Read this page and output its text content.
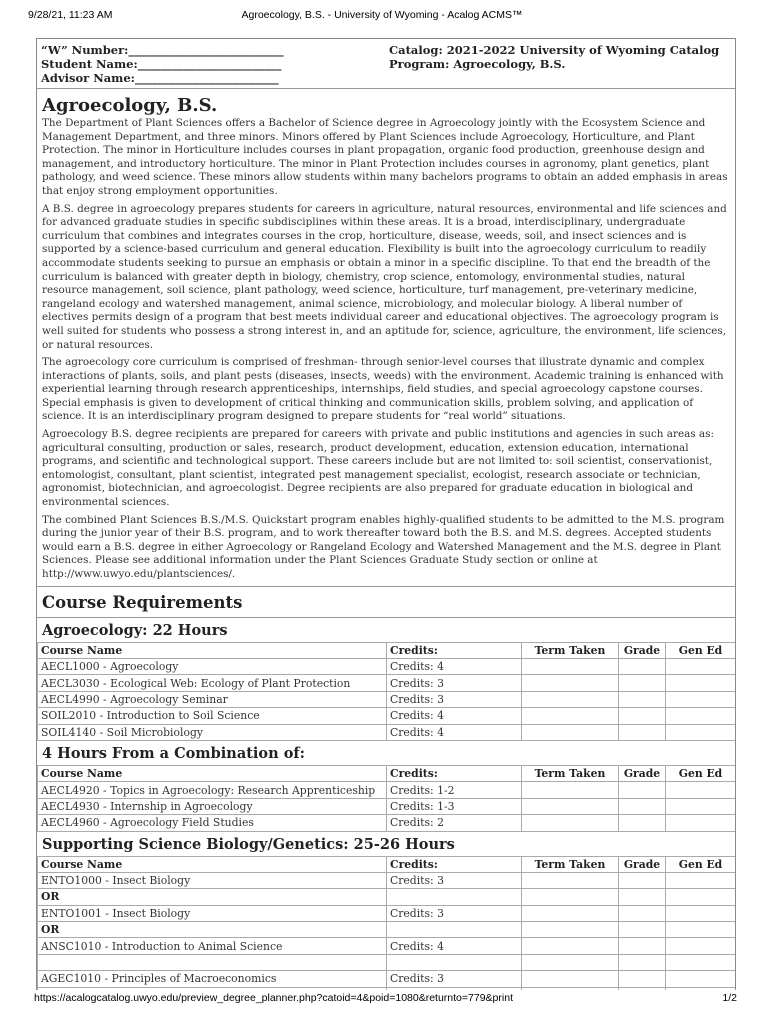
9/28/21, 11:23 AM	Agroecology, B.S. - University of Wyoming - Acalog ACMS™
“W” Number:___________________________
Student Name:_________________________
Advisor Name:_________________________
Catalog: 2021-2022 University of Wyoming Catalog
Program: Agroecology, B.S.
Agroecology, B.S.

The Department of Plant Sciences offers a Bachelor of Science degree in Agroecology jointly with the Ecosystem Science and Management Department, and three minors. Minors offered by Plant Sciences include Agroecology, Horticulture, and Plant Protection. The minor in Horticulture includes courses in plant propagation, organic food production, greenhouse design and management, and introductory horticulture. The minor in Plant Protection includes courses in agronomy, plant genetics, plant pathology, and weed science. These minors allow students within many bachelors programs to obtain an added emphasis in areas that enjoy strong employment opportunities.

A B.S. degree in agroecology prepares students for careers in agriculture, natural resources, environmental and life sciences and for advanced graduate studies in specific subdisciplines within these areas. It is a broad, interdisciplinary, undergraduate curriculum that combines and integrates courses in the crop, horticulture, disease, weeds, soil, and insect sciences and is supported by a science-based curriculum and general education. Flexibility is built into the agroecology curriculum to readily accommodate students seeking to pursue an emphasis or obtain a minor in a specific discipline. To that end the breadth of the curriculum is balanced with greater depth in biology, chemistry, crop science, entomology, environmental studies, natural resource management, soil science, plant pathology, weed science, horticulture, turf management, pre-veterinary medicine, rangeland ecology and watershed management, animal science, microbiology, and molecular biology. A liberal number of electives permits design of a program that best meets individual career and educational objectives. The agroecology program is well suited for students who possess a strong interest in, and an aptitude for, science, agriculture, the environment, life sciences, or natural resources.

The agroecology core curriculum is comprised of freshman- through senior-level courses that illustrate dynamic and complex interactions of plants, soils, and plant pests (diseases, insects, weeds) with the environment. Academic training is enhanced with experiential learning through research apprenticeships, internships, field studies, and special agroecology capstone courses. Special emphasis is given to development of critical thinking and communication skills, problem solving, and application of science. It is an interdisciplinary program designed to prepare students for “real world” situations.

Agroecology B.S. degree recipients are prepared for careers with private and public institutions and agencies in such areas as: agricultural consulting, production or sales, research, product development, education, extension education, international programs, and scientific and technological support. These careers include but are not limited to: soil scientist, conservationist, entomologist, consultant, plant scientist, integrated pest management specialist, ecologist, research associate or technician, agronomist, biotechnician, and agroecologist. Degree recipients are also prepared for graduate education in biological and environmental sciences.

The combined Plant Sciences B.S./M.S. Quickstart program enables highly-qualified students to be admitted to the M.S. program during the junior year of their B.S. program, and to work thereafter toward both the B.S. and M.S. degrees. Accepted students would earn a B.S. degree in either Agroecology or Rangeland Ecology and Watershed Management and the M.S. degree in Plant Sciences. Please see additional information under the Plant Sciences Graduate Study section or online at http://www.uwyo.edu/plantsciences/.

Course Requirements
Agroecology: 22 Hours
Course Name	Credits:	Term Taken	Grade	Gen Ed
AECL1000 - Agroecology	Credits: 4			
AECL3030 - Ecological Web: Ecology of Plant Protection	Credits: 3			
AECL4990 - Agroecology Seminar	Credits: 3			
SOIL2010 - Introduction to Soil Science	Credits: 4			
SOIL4140 - Soil Microbiology	Credits: 4			
4 Hours From a Combination of:
Course Name	Credits:	Term Taken	Grade	Gen Ed
AECL4920 - Topics in Agroecology: Research Apprenticeship	Credits: 1-2			
AECL4930 - Internship in Agroecology	Credits: 1-3			
AECL4960 - Agroecology Field Studies	Credits: 2			
Supporting Science Biology/Genetics: 25-26 Hours
Course Name	Credits:	Term Taken	Grade	Gen Ed
ENTO1000 - Insect Biology	Credits: 3			
OR				
ENTO1001 - Insect Biology	Credits: 3			
OR				
ANSC1010 - Introduction to Animal Science	Credits: 4			

AGEC1010 - Principles of Macroeconomics	Credits: 3			

https://acalogcatalog.uwyo.edu/preview_degree_planner.php?catoid=4&poid=1080&returnto=779&print	1/2
